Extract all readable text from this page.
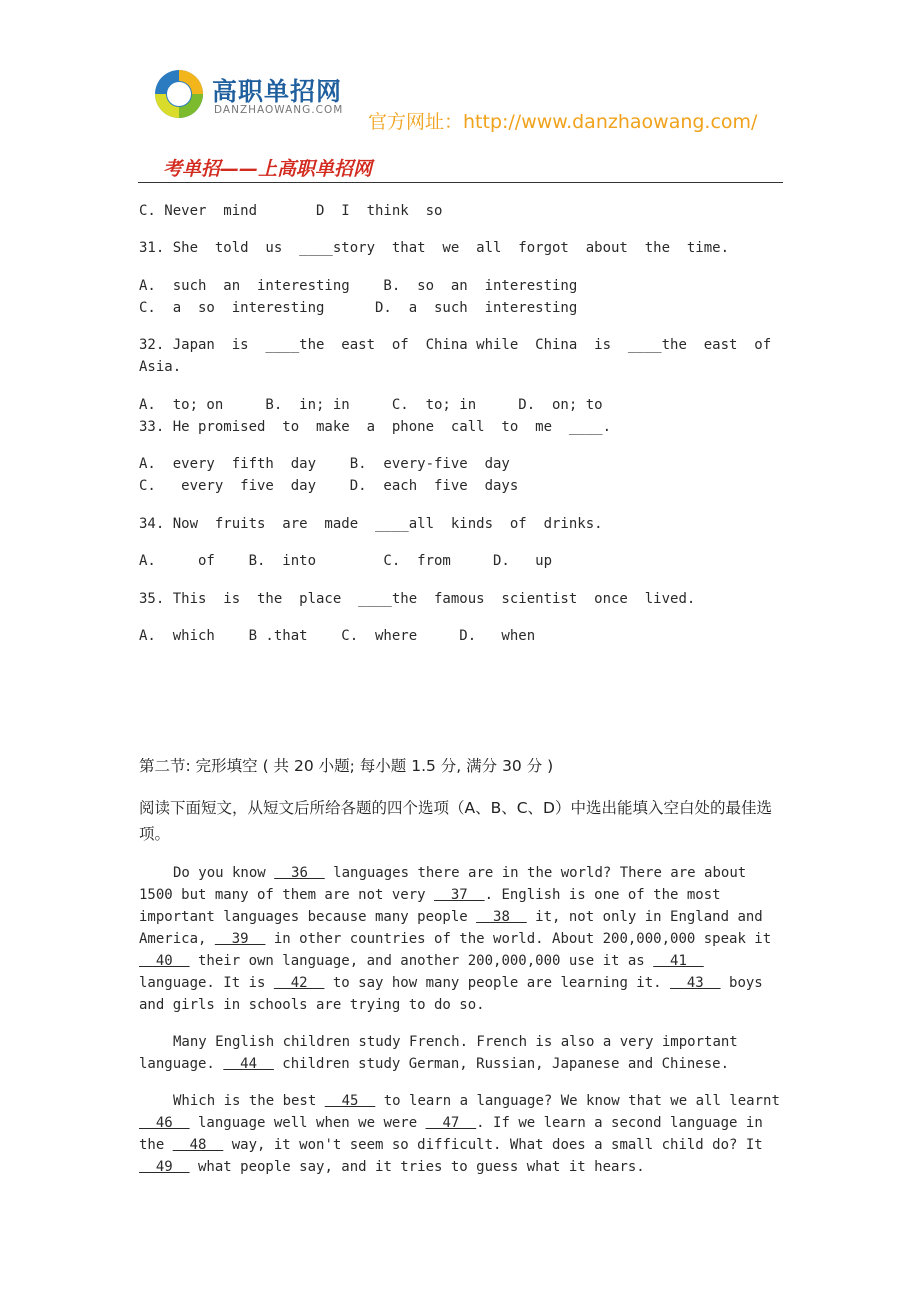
高职单招网
DANZHAOWANG.COM
官方网址：http://www.danzhaowang.com/
考单招——上高职单招网
C. Never  mind       D  I  think  so
31. She  told  us  ____story  that  we  all  forgot  about  the  time.
A.  such  an  interesting    B.  so  an  interesting
C.  a  so  interesting      D.  a  such  interesting
32. Japan  is  ____the  east  of  China while  China  is  ____the  east  of
Asia.
A.  to; on     B.  in; in     C.  to; in     D.  on; to
33. He promised  to  make  a  phone  call  to  me  ____.
A.  every  fifth  day    B.  every-five  day
C.   every  five  day    D.  each  five  days
34. Now  fruits  are  made  ____all  kinds  of  drinks.
A.     of    B.  into        C.  from     D.   up
35. This  is  the  place  ____the  famous  scientist  once  lived.
A.  which    B .that    C.  where     D.   when
第二节: 完形填空 ( 共 20 小题; 每小题 1.5 分, 满分 30 分 )
阅读下面短文，从短文后所给各题的四个选项（A、B、C、D）中选出能填入空白处的最佳选项。

Do you know   36   languages there are in the world? There are about 1500 but many of them are not very   37  . English is one of the most important languages because many people   38   it, not only in England and America,   39   in other countries of the world. About 200,000,000 speak it   40   their own language, and another 200,000,000 use it as   41   language. It is   42   to say how many people are learning it.   43   boys and girls in schools are trying to do so.

Many English children study French. French is also a very important language.   44   children study German, Russian, Japanese and Chinese.

Which is the best   45   to learn a language? We know that we all learnt   46   language well when we were   47  . If we learn a second language in the   48   way, it won't seem so difficult. What does a small child do? It  49   what people say, and it tries to guess what it hears.
